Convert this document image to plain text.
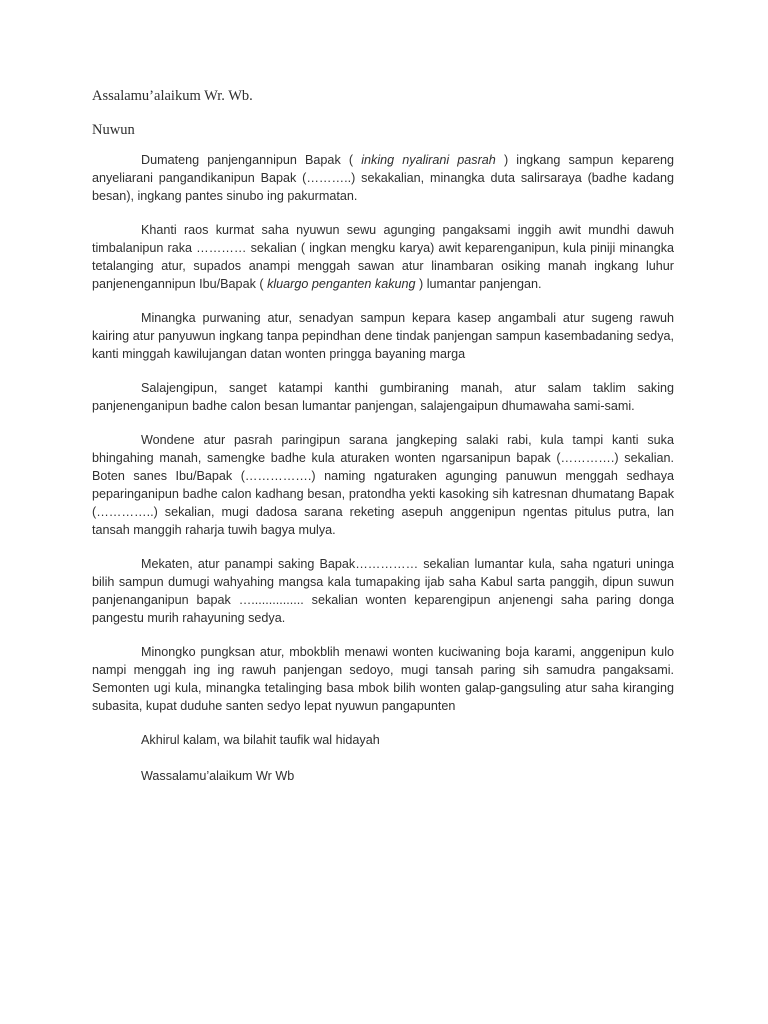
Assalamu’alaikum Wr. Wb.
Nuwun

Dumateng panjengannipun Bapak ( inking nyalirani pasrah ) ingkang sampun kepareng anyeliarani pangandikanipun Bapak (………..) sekakalian, minangka duta salirsaraya (badhe kadang besan), ingkang pantes sinubo ing pakurmatan.

Khanti raos kurmat saha nyuwun sewu agunging pangaksami inggih awit mundhi dawuh timbalanipun raka ………… sekalian ( ingkan mengku karya) awit keparenganipun, kula piniji minangka tetalanging atur, supados anampi menggah sawan atur linambaran osiking manah ingkang luhur panjenengannipun Ibu/Bapak ( kluargo penganten kakung ) lumantar panjengan.

Minangka purwaning atur, senadyan sampun kepara kasep angambali atur sugeng rawuh kairing atur panyuwun ingkang tanpa pepindhan dene tindak panjengan sampun kasembadaning sedya, kanti minggah kawilujangan datan wonten pringga bayaning marga

Salajengipun, sanget katampi kanthi gumbiraning manah, atur salam taklim saking panjenenganipun badhe calon besan lumantar panjengan, salajengaipun dhumawaha sami-sami.

Wondene atur pasrah paringipun sarana jangkeping salaki rabi, kula tampi kanti suka bhingahing manah, samengke badhe kula aturaken wonten ngarsanipun bapak (………….) sekalian. Boten sanes Ibu/Bapak (…………….) naming ngaturaken agunging panuwun menggah sedhaya peparinganipun badhe calon kadhang besan, pratondha yekti kasoking sih katresnan dhumatang Bapak (…………..) sekalian, mugi dadosa sarana reketing asepuh anggenipun ngentas pitulus putra, lan tansah manggih raharja tuwih bagya mulya.

Mekaten, atur panampi saking Bapak…………… sekalian lumantar kula, saha ngaturi uninga bilih sampun dumugi wahyahing mangsa kala tumapaking ijab saha Kabul sarta panggih, dipun suwun panjenanganipun bapak …............... sekalian wonten keparengipun anjenengi saha paring donga pangestu murih rahayuning sedya.

Minongko pungksan atur, mbokblih menawi wonten kuciwaning boja karami, anggenipun kulo nampi menggah ing ing rawuh panjengan sedoyo, mugi tansah paring sih samudra pangaksami. Semonten ugi kula, minangka tetalinging basa mbok bilih wonten galap-gangsuling atur saha kiranging subasita, kupat duduhe santen sedyo lepat nyuwun pangapunten

Akhirul kalam, wa bilahit taufik wal hidayah
Wassalamu’alaikum Wr Wb
